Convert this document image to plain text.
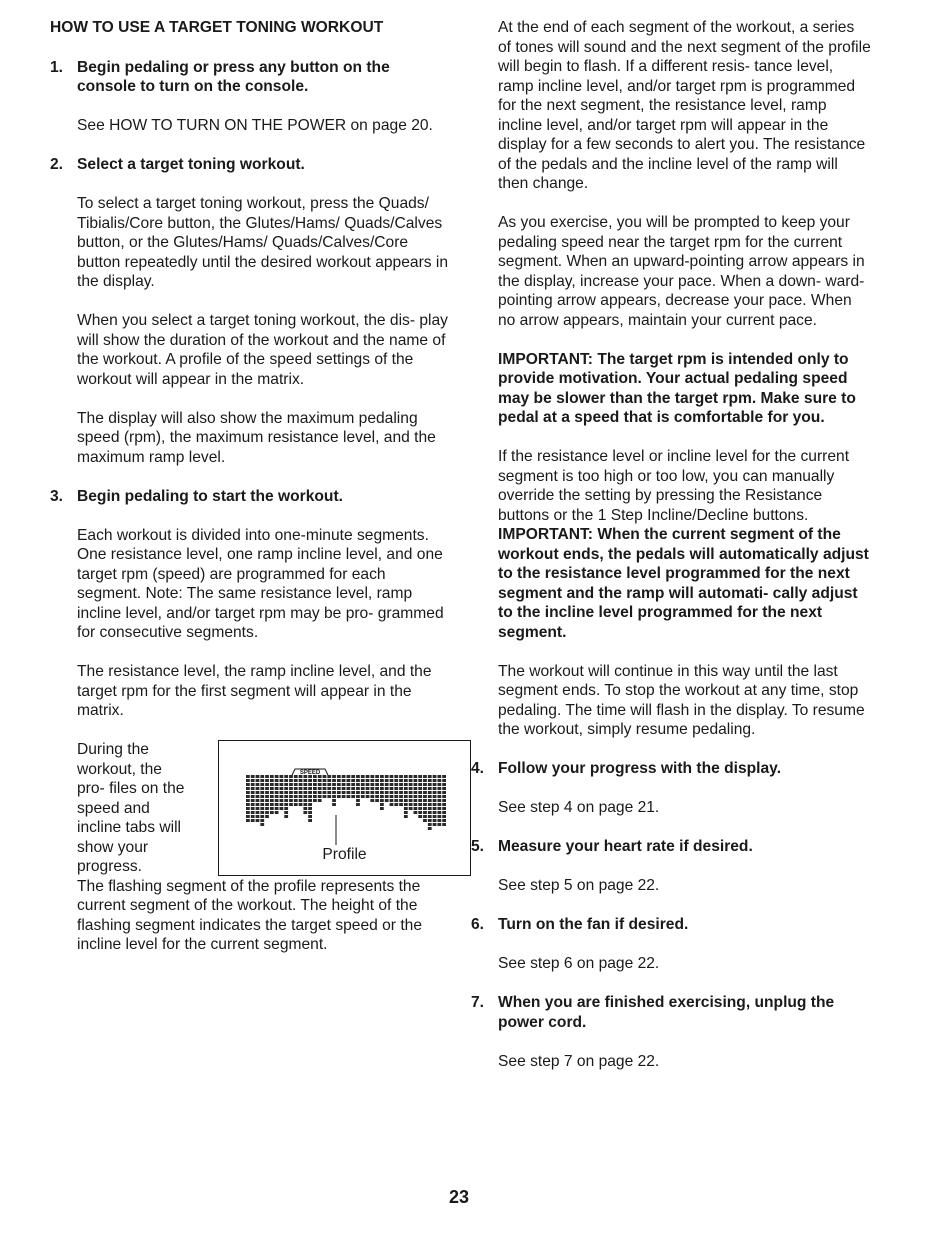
HOW TO USE A TARGET TONING WORKOUT

1. Begin pedaling or press any button on the console to turn on the console.

See HOW TO TURN ON THE POWER on page 20.

2. Select a target toning workout.

To select a target toning workout, press the Quads/ Tibialis/Core button, the Glutes/Hams/ Quads/Calves button, or the Glutes/Hams/ Quads/Calves/Core button repeatedly until the desired workout appears in the display.

When you select a target toning workout, the dis- play will show the duration of the workout and the name of the workout. A profile of the speed settings of the workout will appear in the matrix.

The display will also show the maximum pedaling speed (rpm), the maximum resistance level, and the maximum ramp level.

3. Begin pedaling to start the workout.

Each workout is divided into one-minute segments. One resistance level, one ramp incline level, and one target rpm (speed) are programmed for each segment. Note: The same resistance level, ramp incline level, and/or target rpm may be pro- grammed for consecutive segments.

The resistance level, the ramp incline level, and the target rpm for the first segment will appear in the matrix.

SPEED
Profile

During the workout, the pro- files on the speed and incline tabs will show your progress.

The flashing segment of the profile represents the current segment of the workout. The height of the flashing segment indicates the target speed or the incline level for the current segment.

At the end of each segment of the workout, a series of tones will sound and the next segment of the profile will begin to flash. If a different resis- tance level, ramp incline level, and/or target rpm is programmed for the next segment, the resistance level, ramp incline level, and/or target rpm will appear in the display for a few seconds to alert you. The resistance of the pedals and the incline level of the ramp will then change.

As you exercise, you will be prompted to keep your pedaling speed near the target rpm for the current segment. When an upward-pointing arrow appears in the display, increase your pace. When a down- ward-pointing arrow appears, decrease your pace. When no arrow appears, maintain your current pace.

IMPORTANT: The target rpm is intended only to provide motivation. Your actual pedaling speed may be slower than the target rpm. Make sure to pedal at a speed that is comfortable for you.

If the resistance level or incline level for the current segment is too high or too low, you can manually override the setting by pressing the Resistance buttons or the 1 Step Incline/Decline buttons.

IMPORTANT: When the current segment of the workout ends, the pedals will automatically adjust to the resistance level programmed for the next segment and the ramp will automati- cally adjust to the incline level programmed for the next segment.

The workout will continue in this way until the last segment ends. To stop the workout at any time, stop pedaling. The time will flash in the display. To resume the workout, simply resume pedaling.

4. Follow your progress with the display.

See step 4 on page 21.

5. Measure your heart rate if desired.

See step 5 on page 22.

6. Turn on the fan if desired.

See step 6 on page 22.

7. When you are finished exercising, unplug the power cord.

See step 7 on page 22.

23
